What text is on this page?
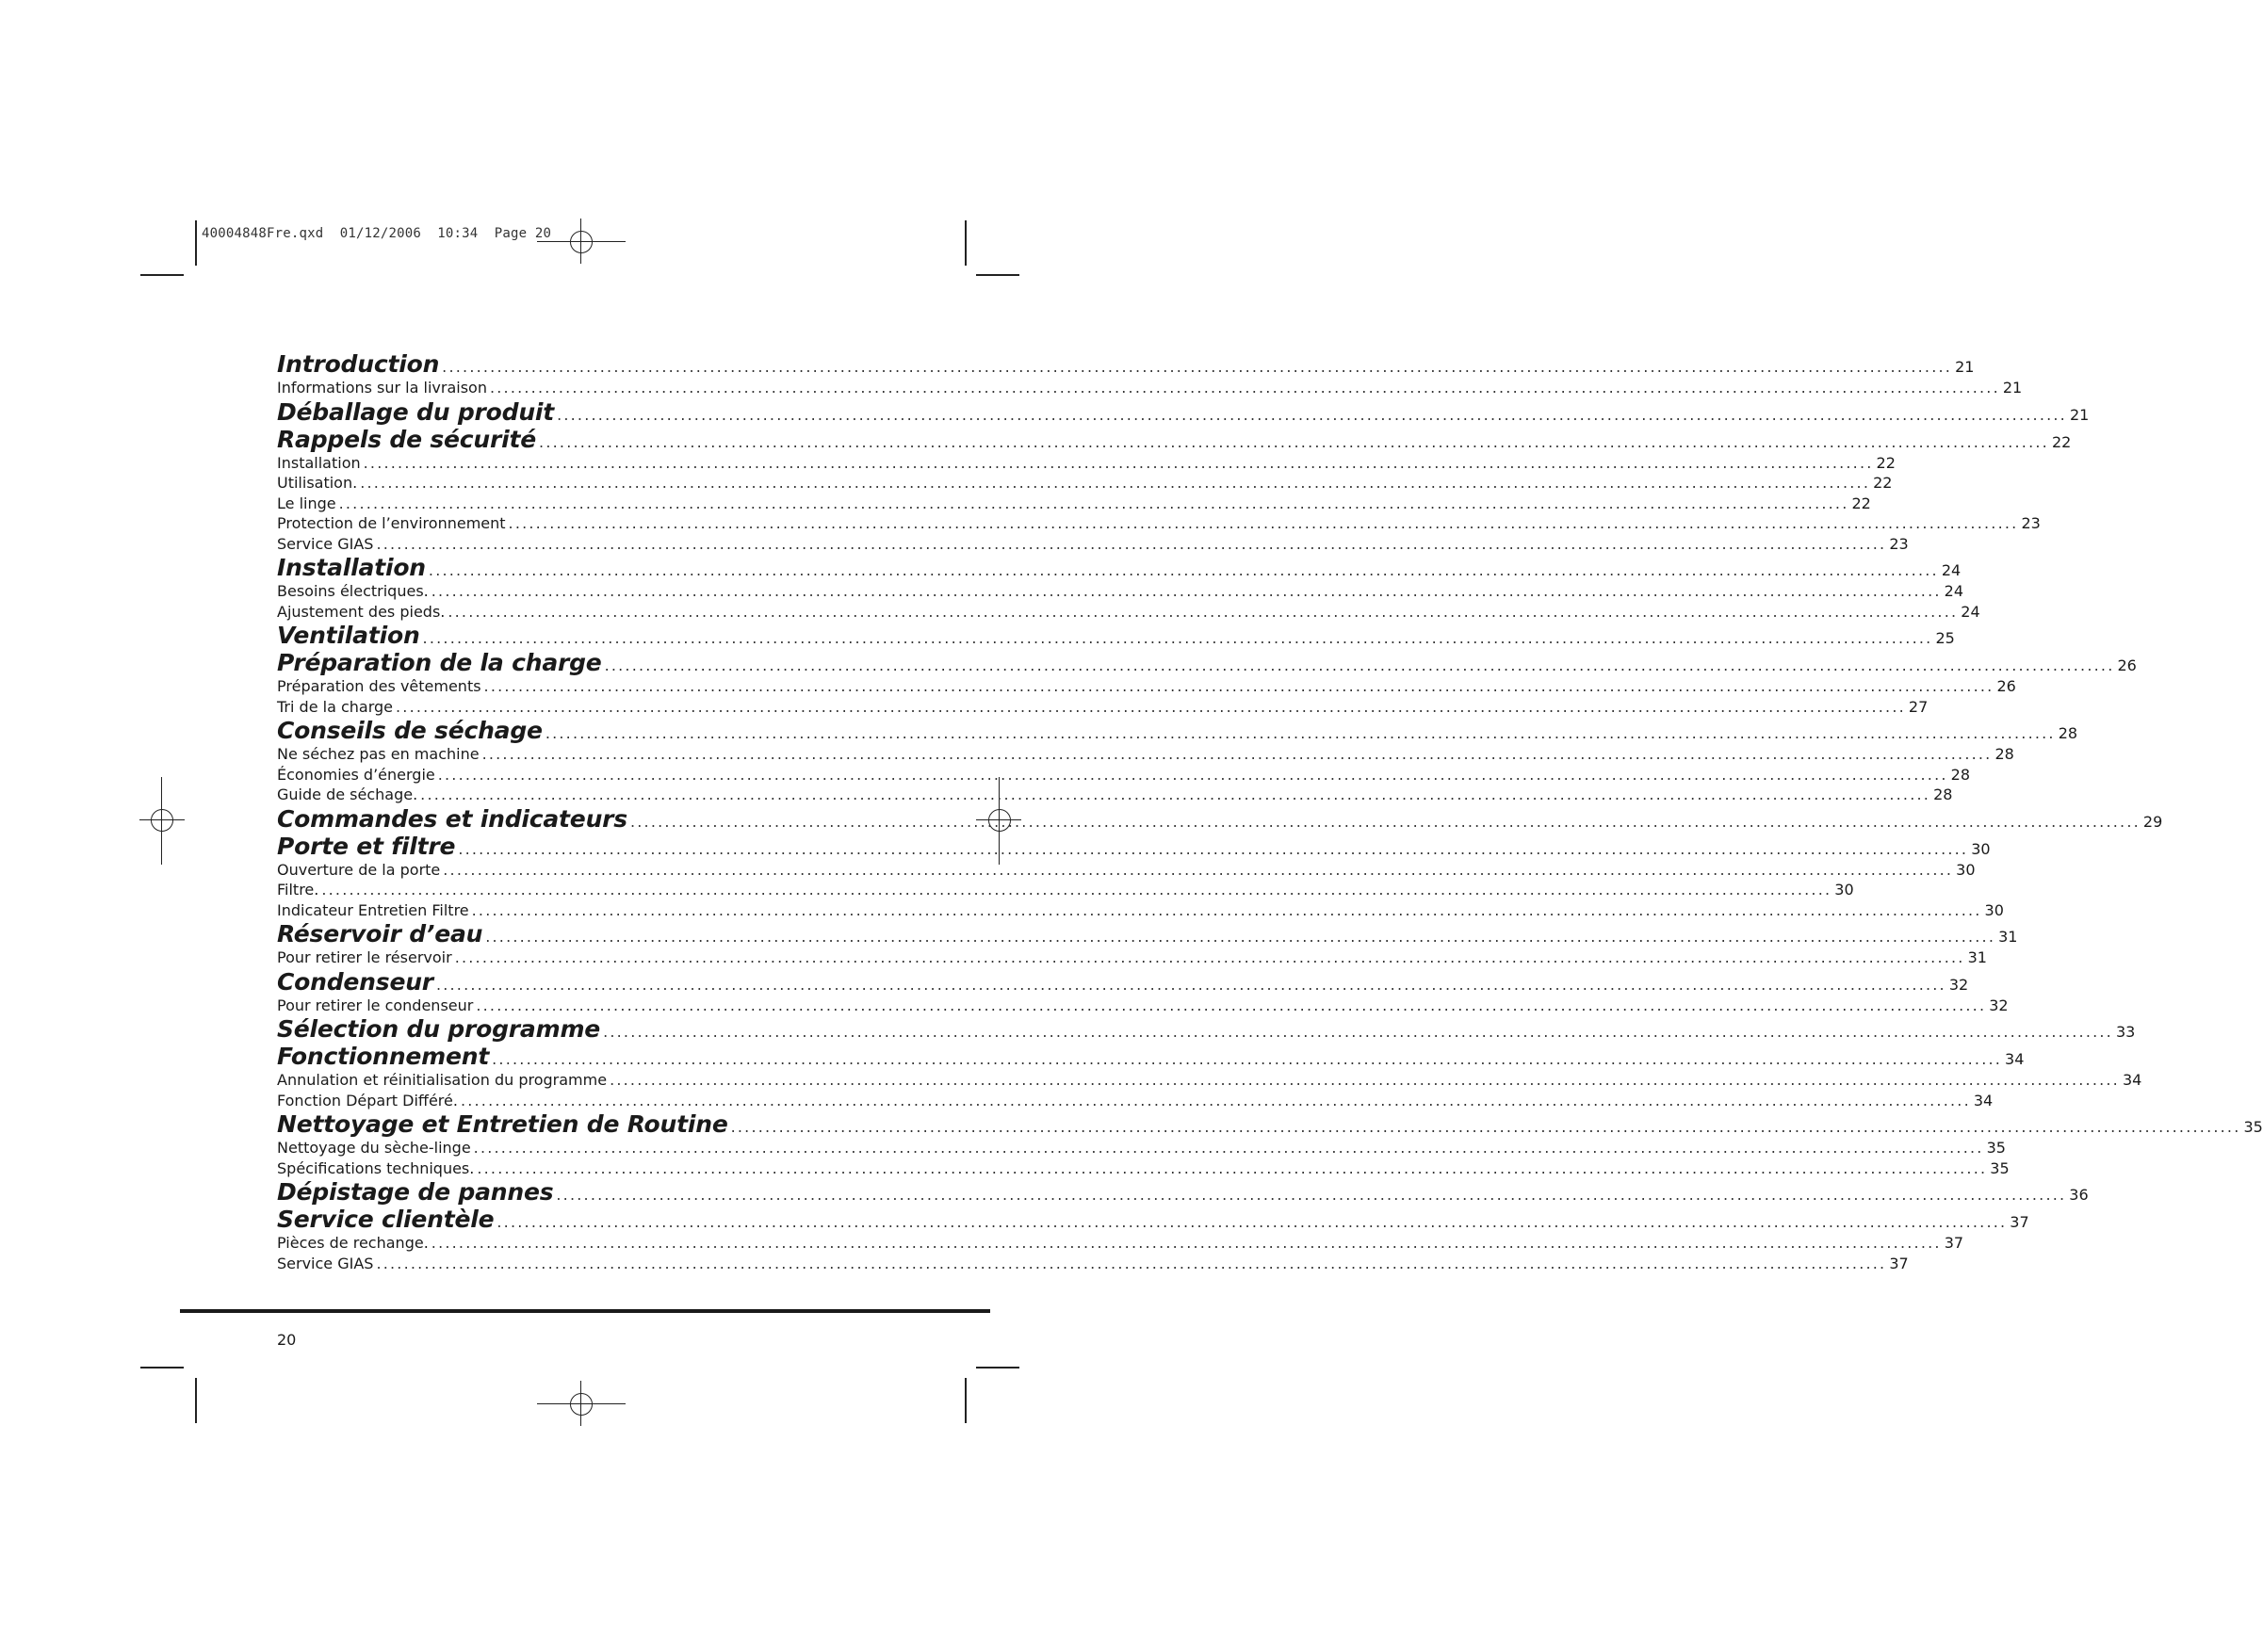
40004848Fre.qxd 01/12/2006 10:34 Page 20
Introduction ............................................................................................................................................................................................................................ 21
Informations sur la livraison ............................................................................................................................................................................................................................ 21
Déballage du produit ............................................................................................................................................................................................................................ 21
Rappels de sécurité ............................................................................................................................................................................................................................ 22
Installation ............................................................................................................................................................................................................................ 22
Utilisation. ............................................................................................................................................................................................................................ 22
Le linge ............................................................................................................................................................................................................................ 22
Protection de l’environnement ............................................................................................................................................................................................................................ 23
Service GIAS ............................................................................................................................................................................................................................ 23
Installation ............................................................................................................................................................................................................................ 24
Besoins électriques. ............................................................................................................................................................................................................................ 24
Ajustement des pieds. ............................................................................................................................................................................................................................ 24
Ventilation ............................................................................................................................................................................................................................ 25
Préparation de la charge ............................................................................................................................................................................................................................ 26
Préparation des vêtements ............................................................................................................................................................................................................................ 26
Tri de la charge ............................................................................................................................................................................................................................ 27
Conseils de séchage ............................................................................................................................................................................................................................ 28
Ne séchez pas en machine ............................................................................................................................................................................................................................ 28
Économies d’énergie ............................................................................................................................................................................................................................ 28
Guide de séchage. ............................................................................................................................................................................................................................ 28
Commandes et indicateurs ............................................................................................................................................................................................................................ 29
Porte et filtre ............................................................................................................................................................................................................................ 30
Ouverture de la porte ............................................................................................................................................................................................................................ 30
Filtre. ............................................................................................................................................................................................................................ 30
Indicateur Entretien Filtre ............................................................................................................................................................................................................................ 30
Réservoir d’eau ............................................................................................................................................................................................................................ 31
Pour retirer le réservoir ............................................................................................................................................................................................................................ 31
Condenseur ............................................................................................................................................................................................................................ 32
Pour retirer le condenseur ............................................................................................................................................................................................................................ 32
Sélection du programme ............................................................................................................................................................................................................................ 33
Fonctionnement ............................................................................................................................................................................................................................ 34
Annulation et réinitialisation du programme ............................................................................................................................................................................................................................ 34
Fonction Départ Différé. ............................................................................................................................................................................................................................ 34
Nettoyage et Entretien de Routine ............................................................................................................................................................................................................................ 35
Nettoyage du sèche-linge ............................................................................................................................................................................................................................ 35
Spécifications techniques. ............................................................................................................................................................................................................................ 35
Dépistage de pannes ............................................................................................................................................................................................................................ 36
Service clientèle ............................................................................................................................................................................................................................ 37
Pièces de rechange. ............................................................................................................................................................................................................................ 37
Service GIAS ............................................................................................................................................................................................................................ 37
20
